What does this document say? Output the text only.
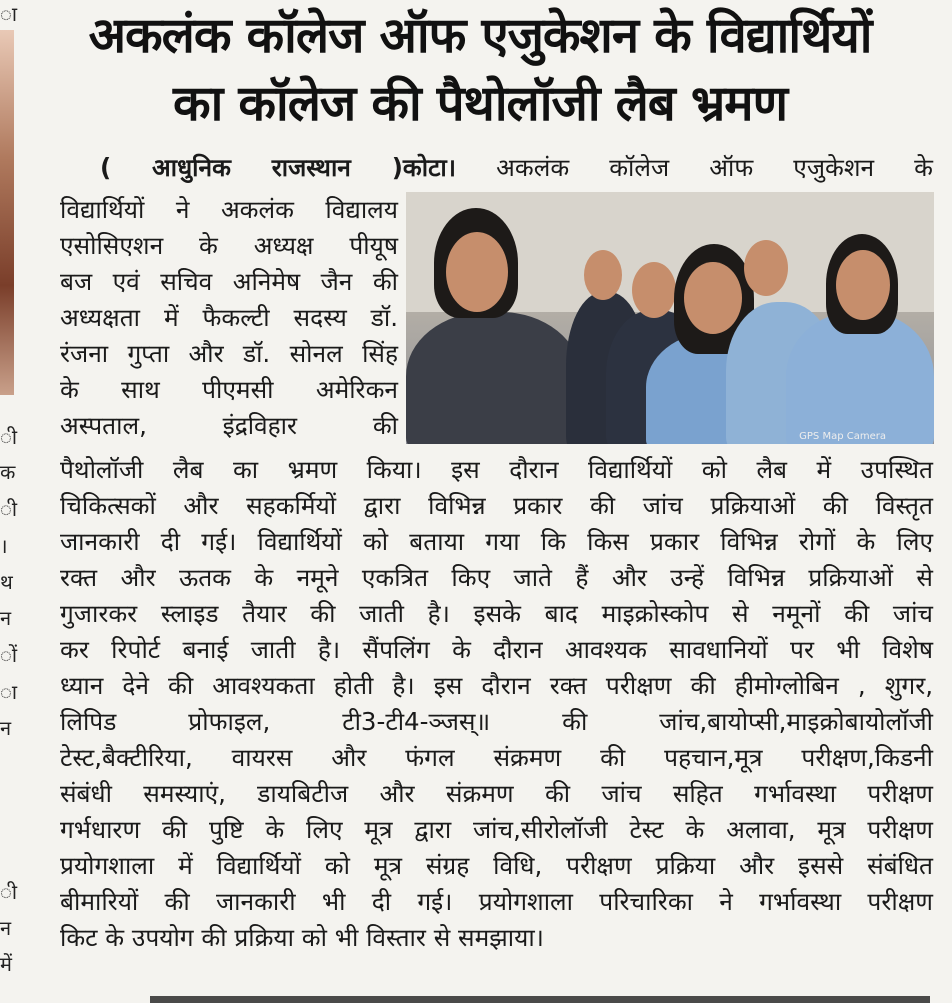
ा
ी
क
ी
।
थ
न
ों
ा
न
ी
न
में
अकलंक कॉलेज ऑफ एजुकेशन के विद्यार्थियों
का कॉलेज की पैथोलॉजी लैब भ्रमण
( आधुनिक राजस्थान )कोटा। अकलंक कॉलेज ऑफ एजुकेशन के
विद्यार्थियों ने अकलंक विद्यालय
एसोसिएशन के अध्यक्ष पीयूष
बज एवं सचिव अनिमेष जैन की
अध्यक्षता में फैकल्टी सदस्य डॉ.
रंजना गुप्ता और डॉ. सोनल सिंह
के साथ पीएमसी अमेरिकन
अस्पताल, इंद्रविहार की	GPS Map Camera
पैथोलॉजी लैब का भ्रमण किया। इस दौरान विद्यार्थियों को लैब में उपस्थित
चिकित्सकों और सहकर्मियों द्वारा विभिन्न प्रकार की जांच प्रक्रियाओं की विस्तृत
जानकारी दी गई। विद्यार्थियों को बताया गया कि किस प्रकार विभिन्न रोगों के लिए
रक्त और ऊतक के नमूने एकत्रित किए जाते हैं और उन्हें विभिन्न प्रक्रियाओं से
गुजारकर स्लाइड तैयार की जाती है। इसके बाद माइक्रोस्कोप से नमूनों की जांच
कर रिपोर्ट बनाई जाती है। सैंपलिंग के दौरान आवश्यक सावधानियों पर भी विशेष
ध्यान देने की आवश्यकता होती है। इस दौरान रक्त परीक्षण की हीमोग्लोबिन , शुगर,
लिपिड प्रोफाइल, टी3-टी4-ञ्जस्॥ की जांच,बायोप्सी,माइक्रोबायोलॉजी
टेस्ट,बैक्टीरिया, वायरस और फंगल संक्रमण की पहचान,मूत्र परीक्षण,किडनी
संबंधी समस्याएं, डायबिटीज और संक्रमण की जांच सहित गर्भावस्था परीक्षण
गर्भधारण की पुष्टि के लिए मूत्र द्वारा जांच,सीरोलॉजी टेस्ट के अलावा, मूत्र परीक्षण
प्रयोगशाला में विद्यार्थियों को मूत्र संग्रह विधि, परीक्षण प्रक्रिया और इससे संबंधित
बीमारियों की जानकारी भी दी गई। प्रयोगशाला परिचारिका ने गर्भावस्था परीक्षण
किट के उपयोग की प्रक्रिया को भी विस्तार से समझाया।
